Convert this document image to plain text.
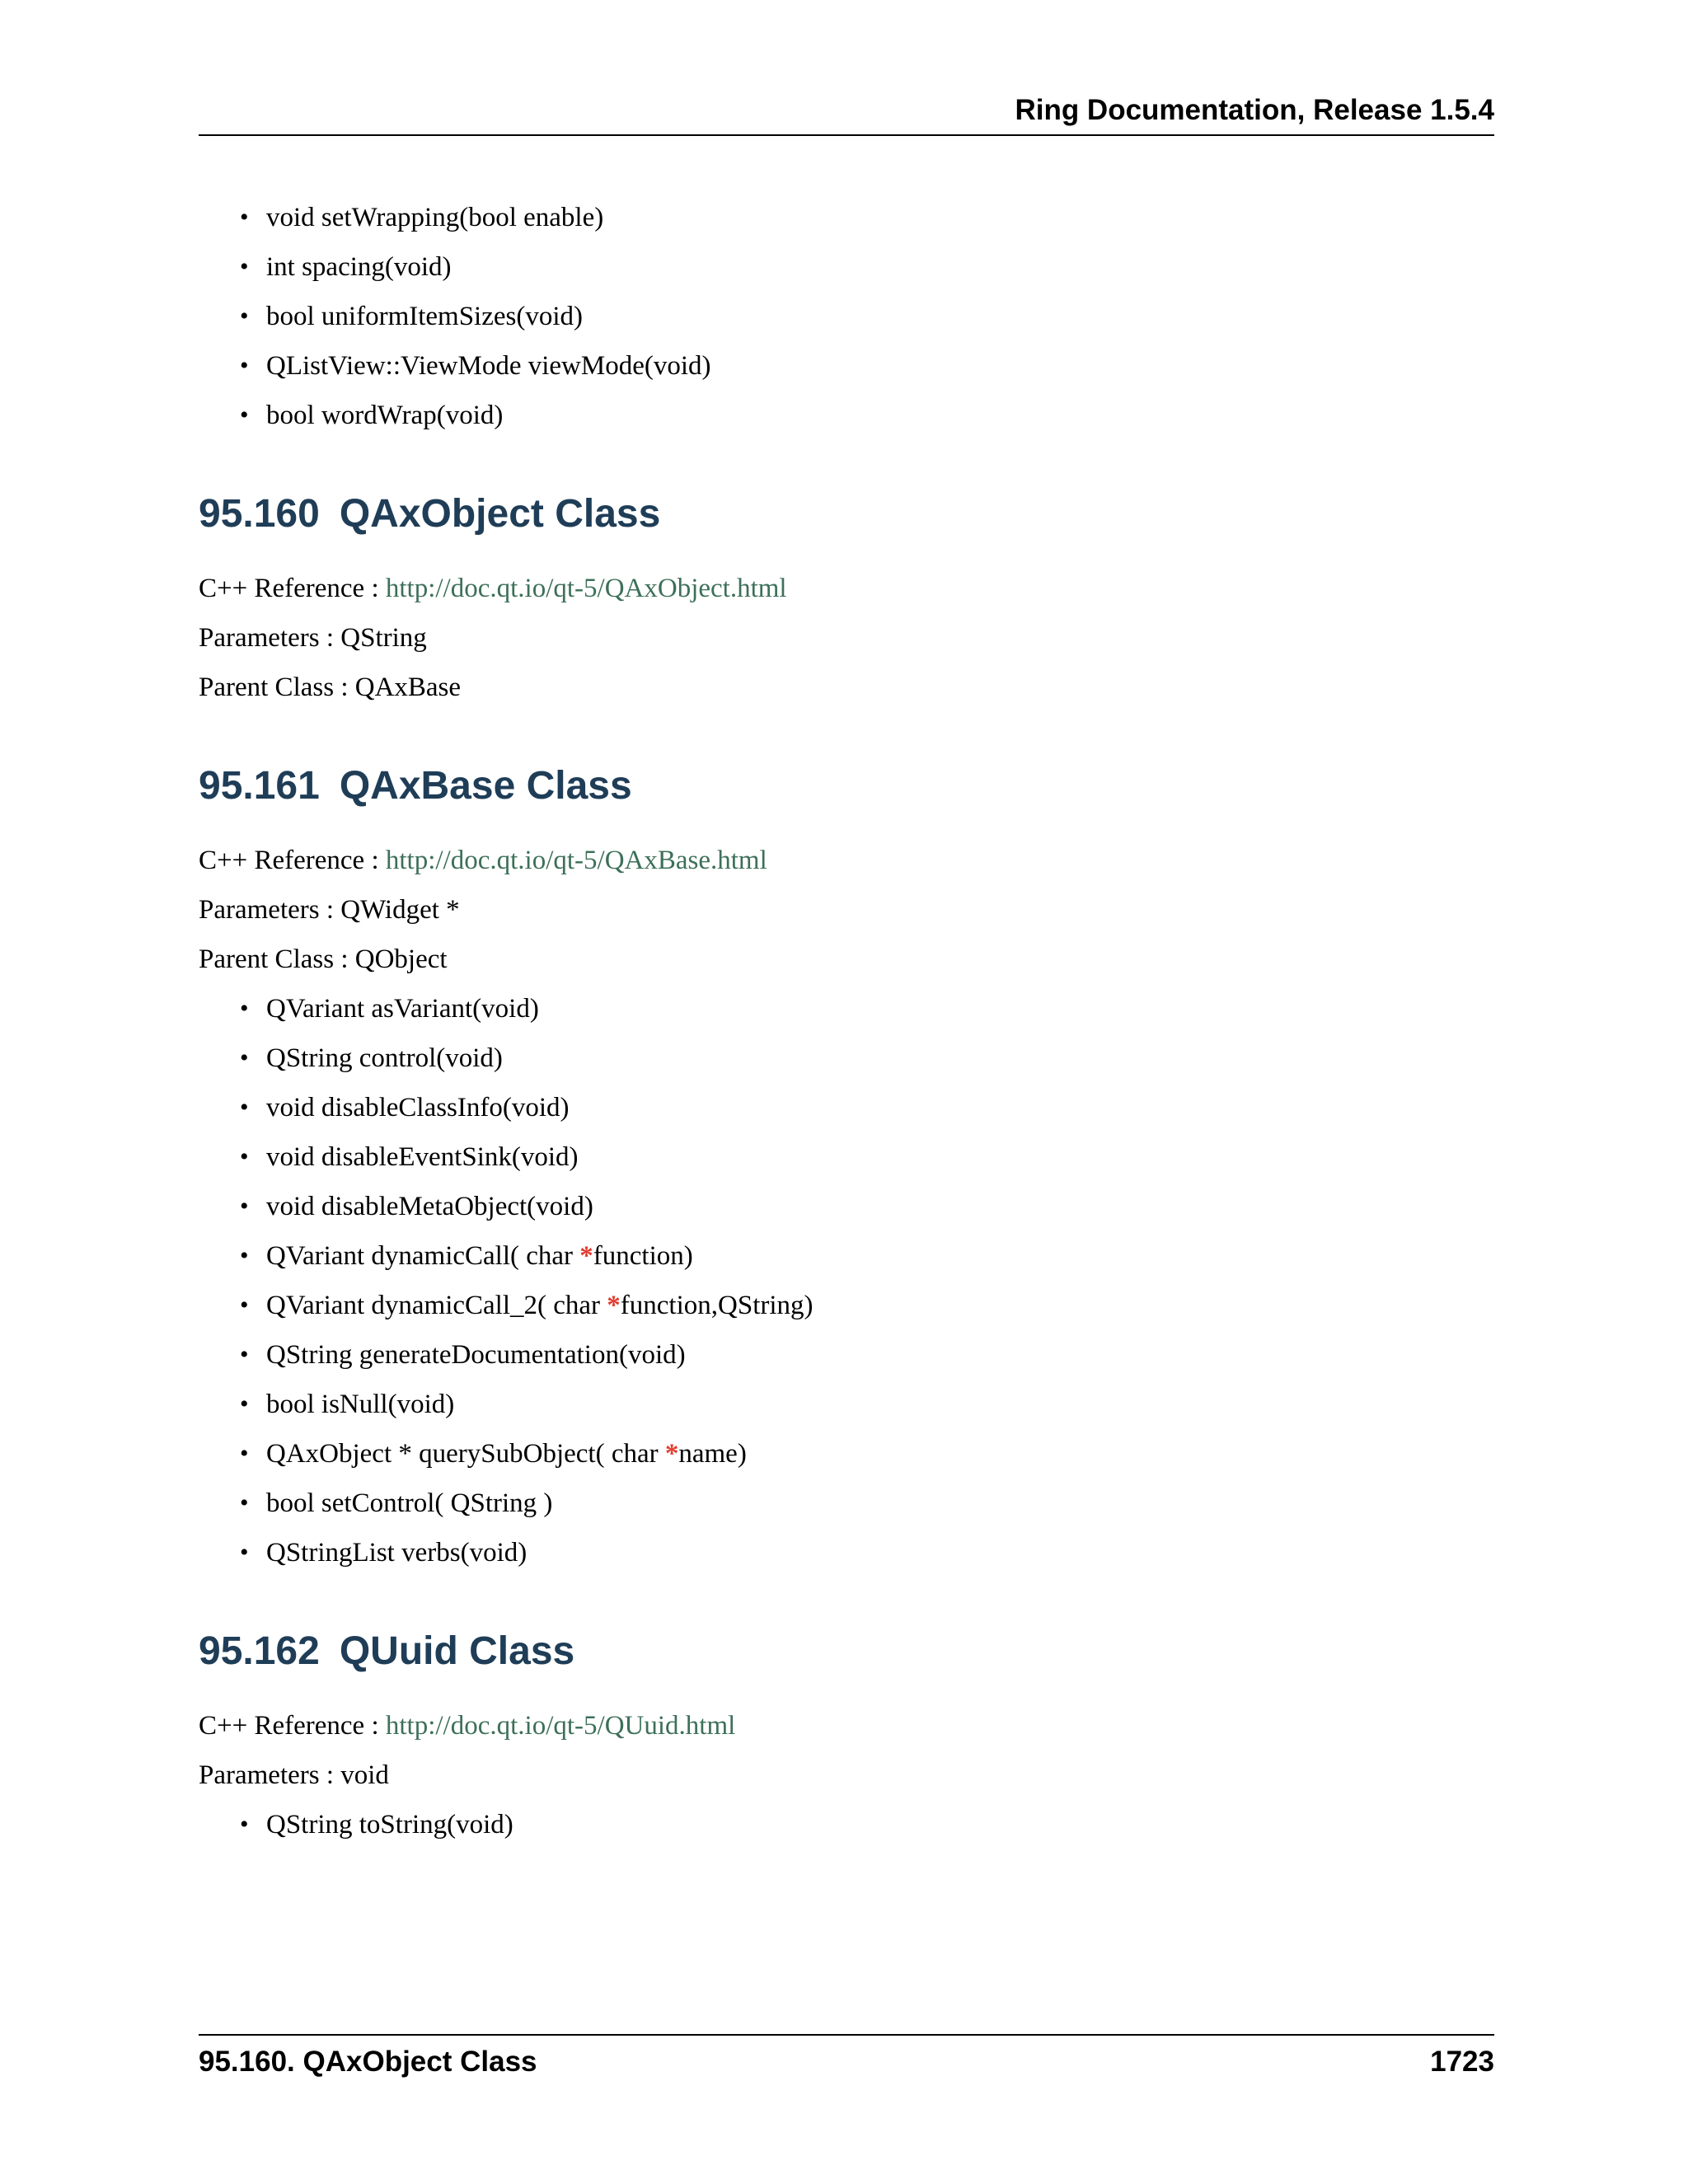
Ring Documentation, Release 1.5.4
• void setWrapping(bool enable)
• int spacing(void)
• bool uniformItemSizes(void)
• QListView::ViewMode viewMode(void)
• bool wordWrap(void)
95.160 QAxObject Class

C++ Reference : http://doc.qt.io/qt-5/QAxObject.html

Parameters : QString

Parent Class : QAxBase

95.161 QAxBase Class

C++ Reference : http://doc.qt.io/qt-5/QAxBase.html

Parameters : QWidget *

Parent Class : QObject

• QVariant asVariant(void)
• QString control(void)
• void disableClassInfo(void)
• void disableEventSink(void)
• void disableMetaObject(void)
• QVariant dynamicCall( char *function)
• QVariant dynamicCall_2( char *function,QString)
• QString generateDocumentation(void)
• bool isNull(void)
• QAxObject * querySubObject( char *name)
• bool setControl( QString )
• QStringList verbs(void)
95.162 QUuid Class

C++ Reference : http://doc.qt.io/qt-5/QUuid.html

Parameters : void

• QString toString(void)
95.160. QAxObject Class	1723
